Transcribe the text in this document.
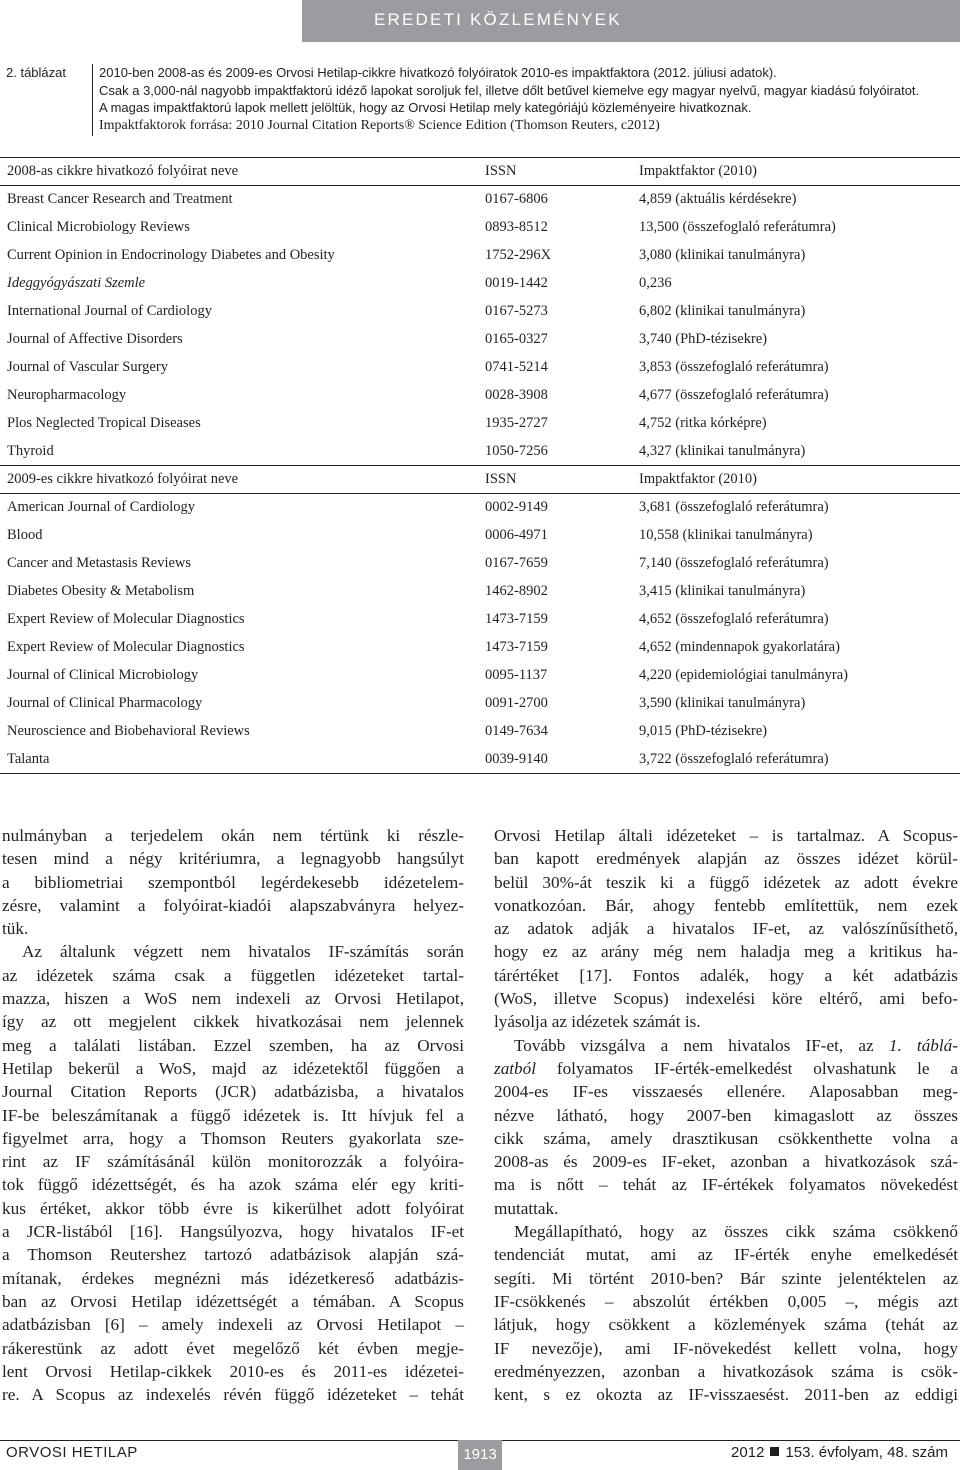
EREDETI KÖZLEMÉNYEK
2. táblázat	2010-ben 2008-as és 2009-es Orvosi Hetilap-cikkre hivatkozó folyóiratok 2010-es impaktfaktora (2012. júliusi adatok).
Csak a 3,000-nál nagyobb impaktfaktorú idéző lapokat soroljuk fel, illetve dőlt betűvel kiemelve egy magyar nyelvű, magyar kiadású folyóiratot.
A magas impaktfaktorú lapok mellett jelöltük, hogy az Orvosi Hetilap mely kategóriájú közleményeire hivatkoznak.
Impaktfaktorok forrása: 2010 Journal Citation Reports® Science Edition (Thomson Reuters, c2012)
2008-as cikkre hivatkozó folyóirat neve	ISSN	Impaktfaktor (2010)
Breast Cancer Research and Treatment	0167-6806	4,859 (aktuális kérdésekre)
Clinical Microbiology Reviews	0893-8512	13,500 (összefoglaló referátumra)
Current Opinion in Endocrinology Diabetes and Obesity	1752-296X	3,080 (klinikai tanulmányra)
Ideggyógyászati Szemle	0019-1442	0,236
International Journal of Cardiology	0167-5273	6,802 (klinikai tanulmányra)
Journal of Affective Disorders	0165-0327	3,740 (PhD-tézisekre)
Journal of Vascular Surgery	0741-5214	3,853 (összefoglaló referátumra)
Neuropharmacology	0028-3908	4,677 (összefoglaló referátumra)
Plos Neglected Tropical Diseases	1935-2727	4,752 (ritka kórképre)
Thyroid	1050-7256	4,327 (klinikai tanulmányra)
2009-es cikkre hivatkozó folyóirat neve	ISSN	Impaktfaktor (2010)
American Journal of Cardiology	0002-9149	3,681 (összefoglaló referátumra)
Blood	0006-4971	10,558 (klinikai tanulmányra)
Cancer and Metastasis Reviews	0167-7659	7,140 (összefoglaló referátumra)
Diabetes Obesity & Metabolism	1462-8902	3,415 (klinikai tanulmányra)
Expert Review of Molecular Diagnostics	1473-7159	4,652 (összefoglaló referátumra)
Expert Review of Molecular Diagnostics	1473-7159	4,652 (mindennapok gyakorlatára)
Journal of Clinical Microbiology	0095-1137	4,220 (epidemiológiai tanulmányra)
Journal of Clinical Pharmacology	0091-2700	3,590 (klinikai tanulmányra)
Neuroscience and Biobehavioral Reviews	0149-7634	9,015 (PhD-tézisekre)
Talanta	0039-9140	3,722 (összefoglaló referátumra)
nulmányban a terjedelem okán nem tértünk ki részle-
tesen mind a négy kritériumra, a legnagyobb hangsúlyt
a bibliometriai szempontból legérdekesebb idézetelem-
zésre, valamint a folyóirat-kiadói alapszabványra helyez-
tük.
Az általunk végzett nem hivatalos IF-számítás során
az idézetek száma csak a független idézeteket tartal-
mazza, hiszen a WoS nem indexeli az Orvosi Hetilapot,
így az ott megjelent cikkek hivatkozásai nem jelennek
meg a találati listában. Ezzel szemben, ha az Orvosi
Hetilap bekerül a WoS, majd az idézetektől függően a
Journal Citation Reports (JCR) adatbázisba, a hivatalos
IF-be beleszámítanak a függő idézetek is. Itt hívjuk fel a
figyelmet arra, hogy a Thomson Reuters gyakorlata sze-
rint az IF számításánál külön monitorozzák a folyóira-
tok függő idézettségét, és ha azok száma elér egy kriti-
kus értéket, akkor több évre is kikerülhet adott folyóirat
a JCR-listából [16]. Hangsúlyozva, hogy hivatalos IF-et
a Thomson Reutershez tartozó adatbázisok alapján szá-
mítanak, érdekes megnézni más idézetkereső adatbázis-
ban az Orvosi Hetilap idézettségét a témában. A Scopus
adatbázisban [6] – amely indexeli az Orvosi Hetilapot –
rákerestünk az adott évet megelőző két évben megje-
lent Orvosi Hetilap-cikkek 2010-es és 2011-es idézetei-
re. A Scopus az indexelés révén függő idézeteket – tehát
Orvosi Hetilap általi idézeteket – is tartalmaz. A Scopus-
ban kapott eredmények alapján az összes idézet körül-
belül 30%-át teszik ki a függő idézetek az adott évekre
vonatkozóan. Bár, ahogy fentebb említettük, nem ezek
az adatok adják a hivatalos IF-et, az valószínűsíthető,
hogy ez az arány még nem haladja meg a kritikus ha-
tárértéket [17]. Fontos adalék, hogy a két adatbázis
(WoS, illetve Scopus) indexelési köre eltérő, ami befo-
lyásolja az idézetek számát is.
Tovább vizsgálva a nem hivatalos IF-et, az 1. táblá-
zatból folyamatos IF-érték-emelkedést olvashatunk le a
2004-es IF-es visszaesés ellenére. Alaposabban meg-
nézve látható, hogy 2007-ben kimagaslott az összes
cikk száma, amely drasztikusan csökkenthette volna a
2008-as és 2009-es IF-eket, azonban a hivatkozások szá-
ma is nőtt – tehát az IF-értékek folyamatos növekedést
mutattak.
Megállapítható, hogy az összes cikk száma csökkenő
tendenciát mutat, ami az IF-érték enyhe emelkedését
segíti. Mi történt 2010-ben? Bár szinte jelentéktelen az
IF-csökkenés – abszolút értékben 0,005 –, mégis azt
látjuk, hogy csökkent a közlemények száma (tehát az
IF nevezője), ami IF-növekedést kellett volna, hogy
eredményezzen, azonban a hivatkozások száma is csök-
kent, s ez okozta az IF-visszaesést. 2011-ben az eddigi
ORVOSI HETILAP	1913	2012 153. évfolyam, 48. szám
